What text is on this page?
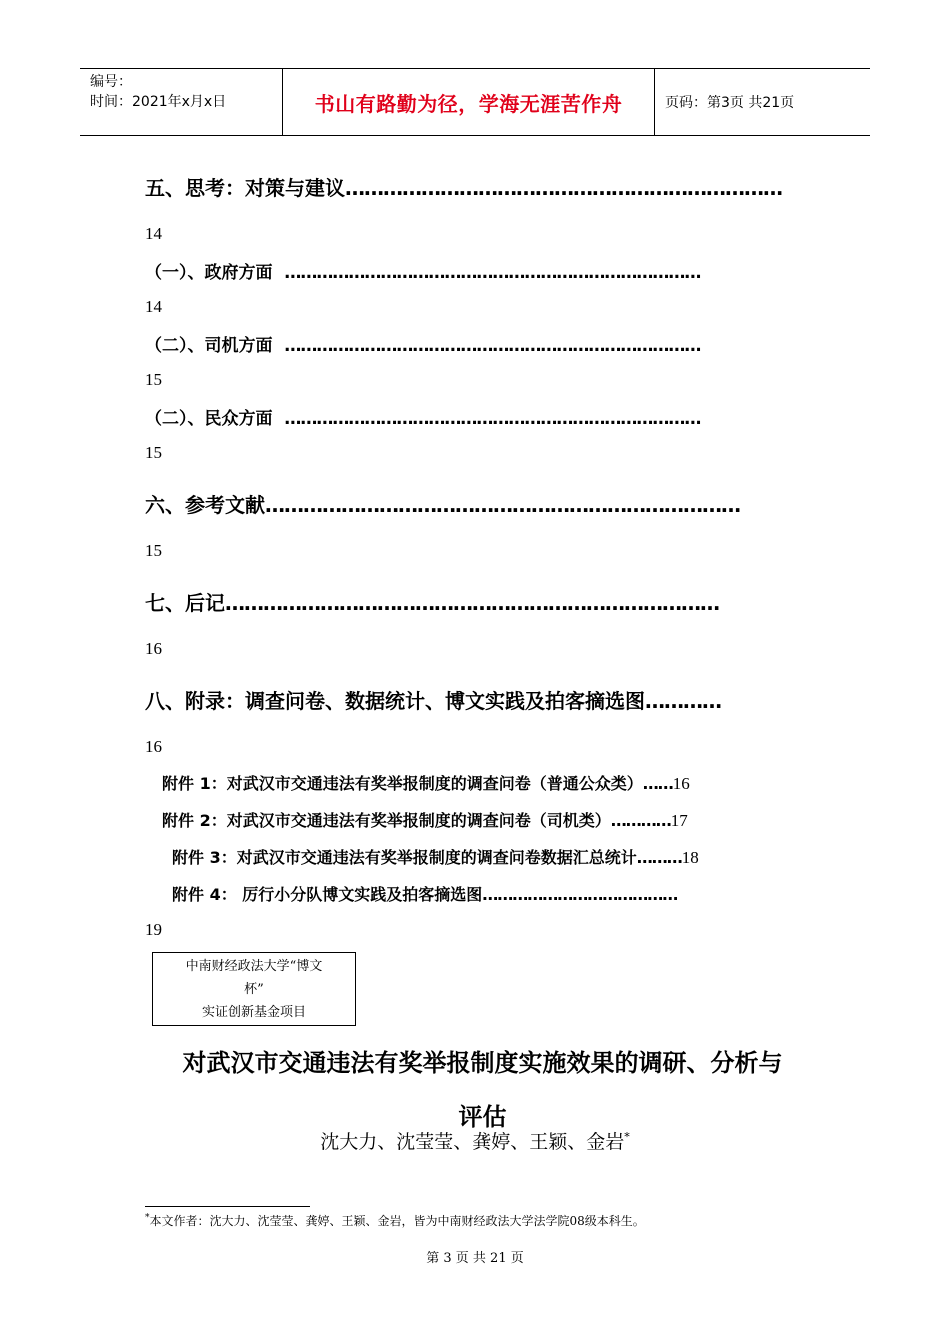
编号：
时间：2021年x月x日	书山有路勤为径，学海无涯苦作舟	页码：第3页 共21页
五、思考：对策与建议……………………………………………………………
14
（一）、政府方面 ……………………………………………………………………
14
（二）、司机方面 ……………………………………………………………………
15
（二）、民众方面 ……………………………………………………………………
15
六、参考文献…………………………………………………………………
15
七、后记……………………………………………………………………
16
八、附录：调查问卷、数据统计、博文实践及拍客摘选图…………
16
附件 1：对武汉市交通违法有奖举报制度的调查问卷（普通公众类）……16
附件 2：对武汉市交通违法有奖举报制度的调查问卷（司机类）…………17
附件 3：对武汉市交通违法有奖举报制度的调查问卷数据汇总统计………18
附件 4： 厉行小分队博文实践及拍客摘选图…………………………………
19
中南财经政法大学“博文
杯”
实证创新基金项目
对武汉市交通违法有奖举报制度实施效果的调研、分析与
评估
沈大力、沈莹莹、龚婷、王颖、金岩*
*本文作者：沈大力、沈莹莹、龚婷、王颖、金岩，皆为中南财经政法大学法学院08级本科生。
第 3 页 共 21 页
